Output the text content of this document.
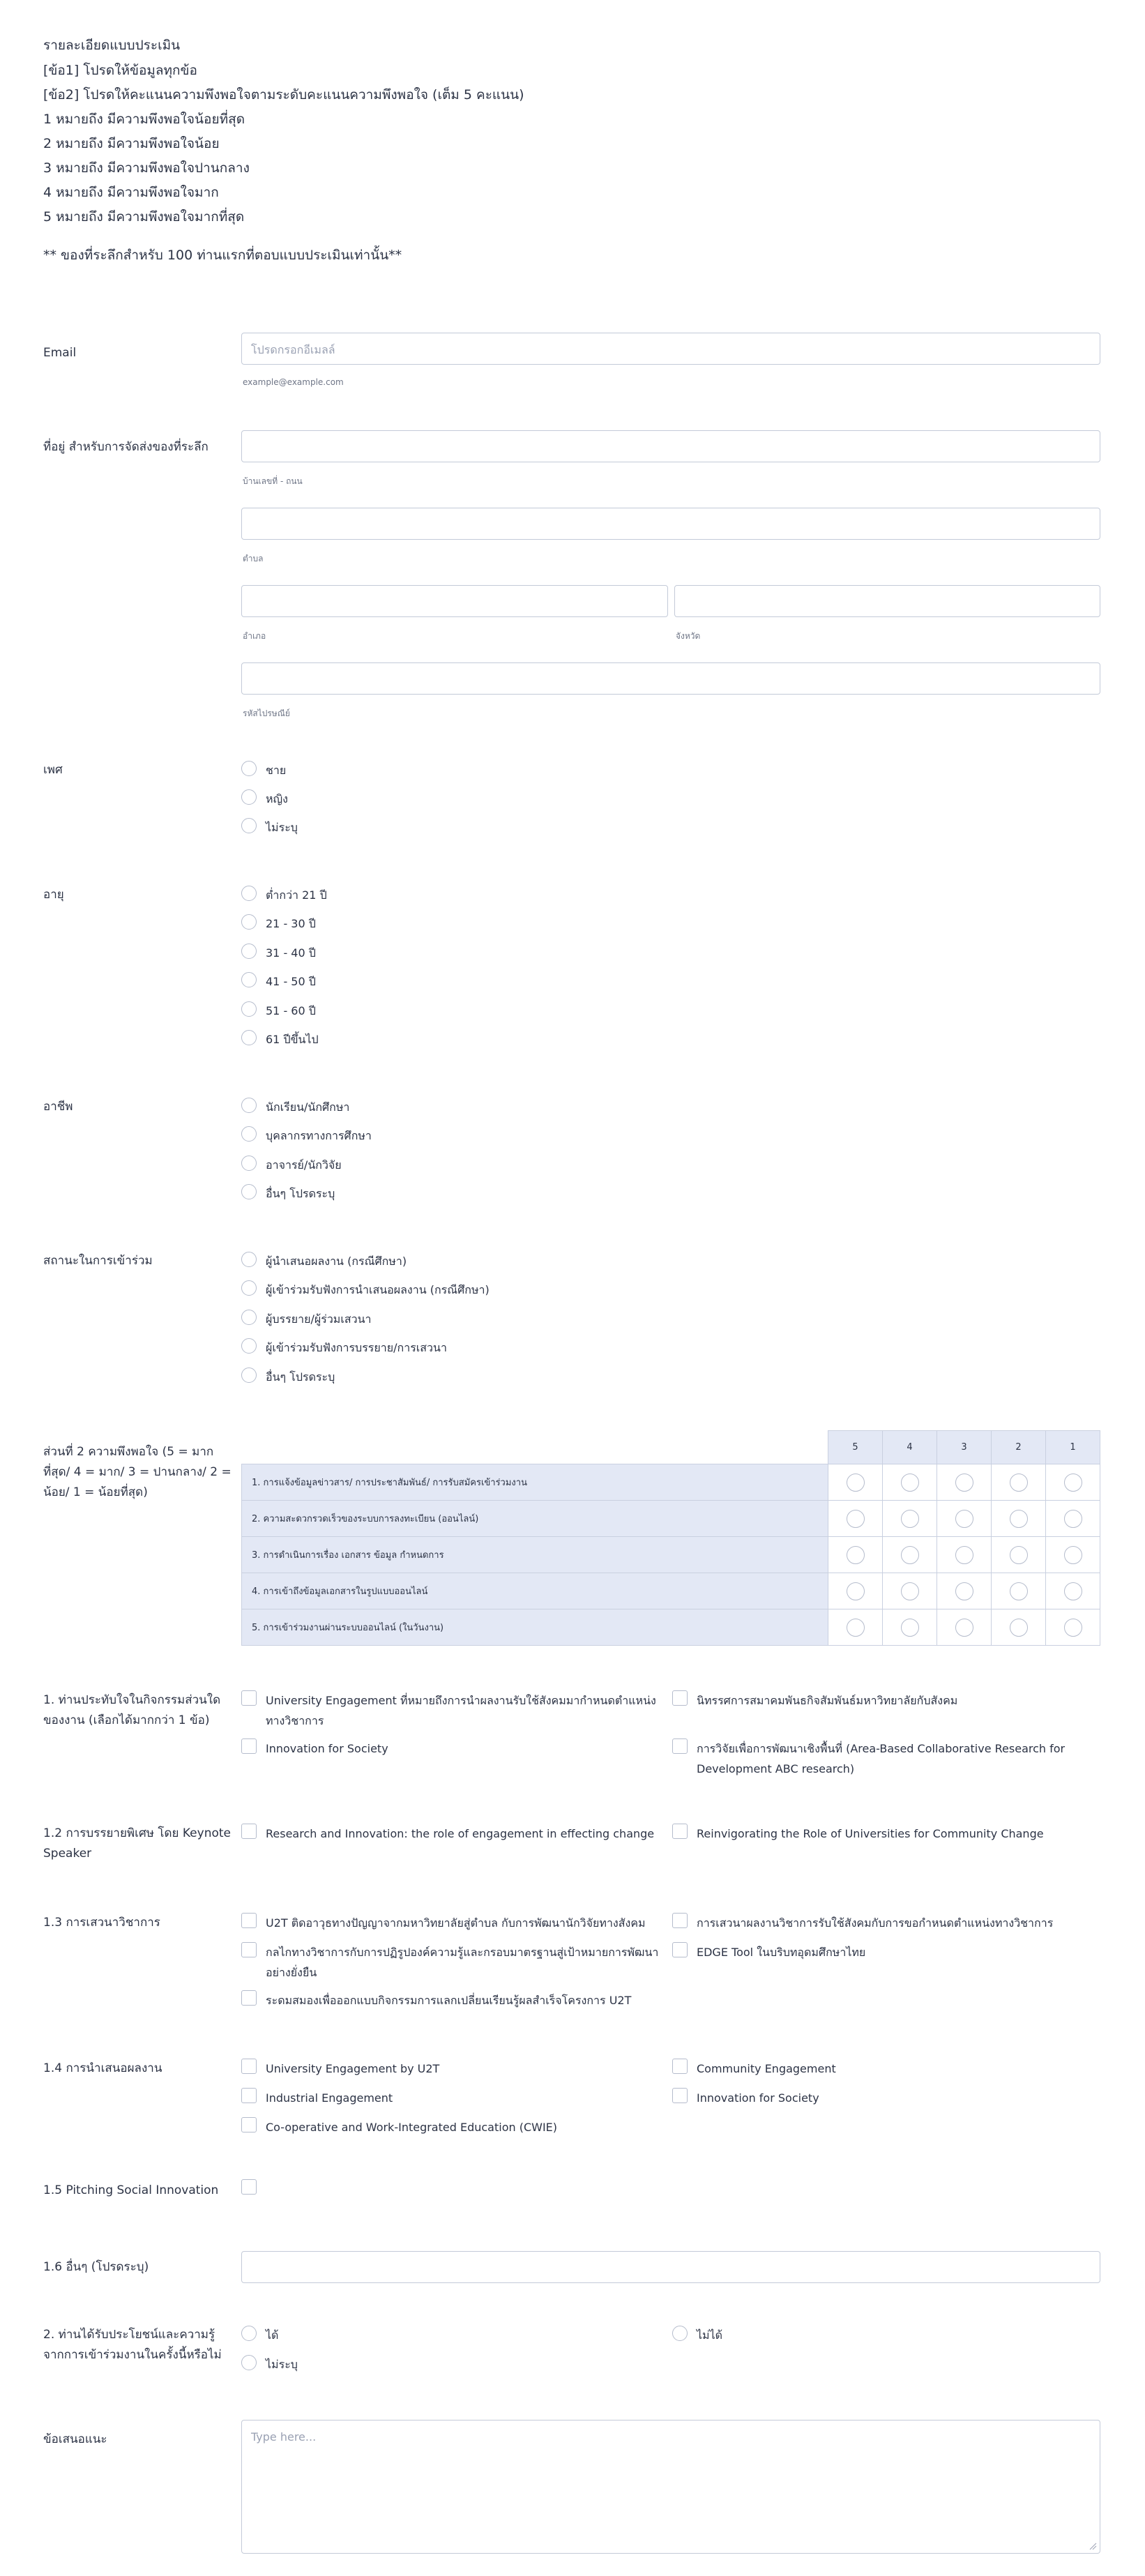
รายละเอียดแบบประเมิน
[ข้อ1] โปรดให้ข้อมูลทุกข้อ
[ข้อ2] โปรดให้คะแนนความพึงพอใจตามระดับคะแนนความพึงพอใจ (เต็ม 5 คะแนน)
1 หมายถึง มีความพึงพอใจน้อยที่สุด
2 หมายถึง มีความพึงพอใจน้อย
3 หมายถึง มีความพึงพอใจปานกลาง
4 หมายถึง มีความพึงพอใจมาก
5 หมายถึง มีความพึงพอใจมากที่สุด
** ของที่ระลึกสำหรับ 100 ท่านแรกที่ตอบแบบประเมินเท่านั้น**
Email	โปรดกรอกอีเมลล์
example@example.com
ที่อยู่ สำหรับการจัดส่งของที่ระลึก
บ้านเลขที่ - ถนน
ตำบล
อำเภอ	จังหวัด
รหัสไปรษณีย์
เพศ	ชาย
หญิง
ไม่ระบุ
อายุ	ต่ำกว่า 21 ปี
21 - 30 ปี
31 - 40 ปี
41 - 50 ปี
51 - 60 ปี
61 ปีขึ้นไป
อาชีพ	นักเรียน/นักศึกษา
บุคลากรทางการศึกษา
อาจารย์/นักวิจัย
อื่นๆ โปรดระบุ
สถานะในการเข้าร่วม	ผู้นำเสนอผลงาน (กรณีศึกษา)
ผู้เข้าร่วมรับฟังการนำเสนอผลงาน (กรณีศึกษา)
ผู้บรรยาย/ผู้ร่วมเสวนา
ผู้เข้าร่วมรับฟังการบรรยาย/การเสวนา
อื่นๆ โปรดระบุ
ส่วนที่ 2 ความพึงพอใจ (5 = มากที่สุด/ 4 = มาก/ 3 = ปานกลาง/ 2 = น้อย/ 1 = น้อยที่สุด)
	5	4	3	2	1
1. การแจ้งข้อมูลข่าวสาร/ การประชาสัมพันธ์/ การรับสมัครเข้าร่วมงาน					
2. ความสะดวกรวดเร็วของระบบการลงทะเบียน (ออนไลน์)					
3. การดำเนินการเรื่อง เอกสาร ข้อมูล กำหนดการ					
4. การเข้าถึงข้อมูลเอกสารในรูปแบบออนไลน์					
5. การเข้าร่วมงานผ่านระบบออนไลน์ (ในวันงาน)					
1. ท่านประทับใจในกิจกรรมส่วนใดของงาน (เลือกได้มากกว่า 1 ข้อ)
University Engagement ที่หมายถึงการนำผลงานรับใช้สังคมมากำหนดตำแหน่งทางวิชาการ
นิทรรศการสมาคมพันธกิจสัมพันธ์มหาวิทยาลัยกับสังคม
Innovation for Society	การวิจัยเพื่อการพัฒนาเชิงพื้นที่ (Area-Based Collaborative Research for Development ABC research)
1.2 การบรรยายพิเศษ โดย Keynote Speaker
Research and Innovation: the role of engagement in effecting change	Reinvigorating the Role of Universities for Community Change
1.3 การเสวนาวิชาการ	U2T ติดอาวุธทางปัญญาจากมหาวิทยาลัยสู่ตำบล กับการพัฒนานักวิจัยทางสังคม	การเสวนาผลงานวิชาการรับใช้สังคมกับการขอกำหนดตำแหน่งทางวิชาการ
กลไกทางวิชาการกับการปฏิรูปองค์ความรู้และกรอบมาตรฐานสู่เป้าหมายการพัฒนาอย่างยั่งยืน
EDGE Tool ในบริบทอุดมศึกษาไทย
ระดมสมองเพื่อออกแบบกิจกรรมการแลกเปลี่ยนเรียนรู้ผลสำเร็จโครงการ U2T
1.4 การนำเสนอผลงาน	University Engagement by U2T	Community Engagement
Industrial Engagement	Innovation for Society
Co-operative and Work-Integrated Education (CWIE)
1.5 Pitching Social Innovation
1.6 อื่นๆ (โปรดระบุ)
2. ท่านได้รับประโยชน์และความรู้จากการเข้าร่วมงานในครั้งนี้หรือไม่
ได้	ไม่ได้
ไม่ระบุ
ข้อเสนอแนะ	Type here...
